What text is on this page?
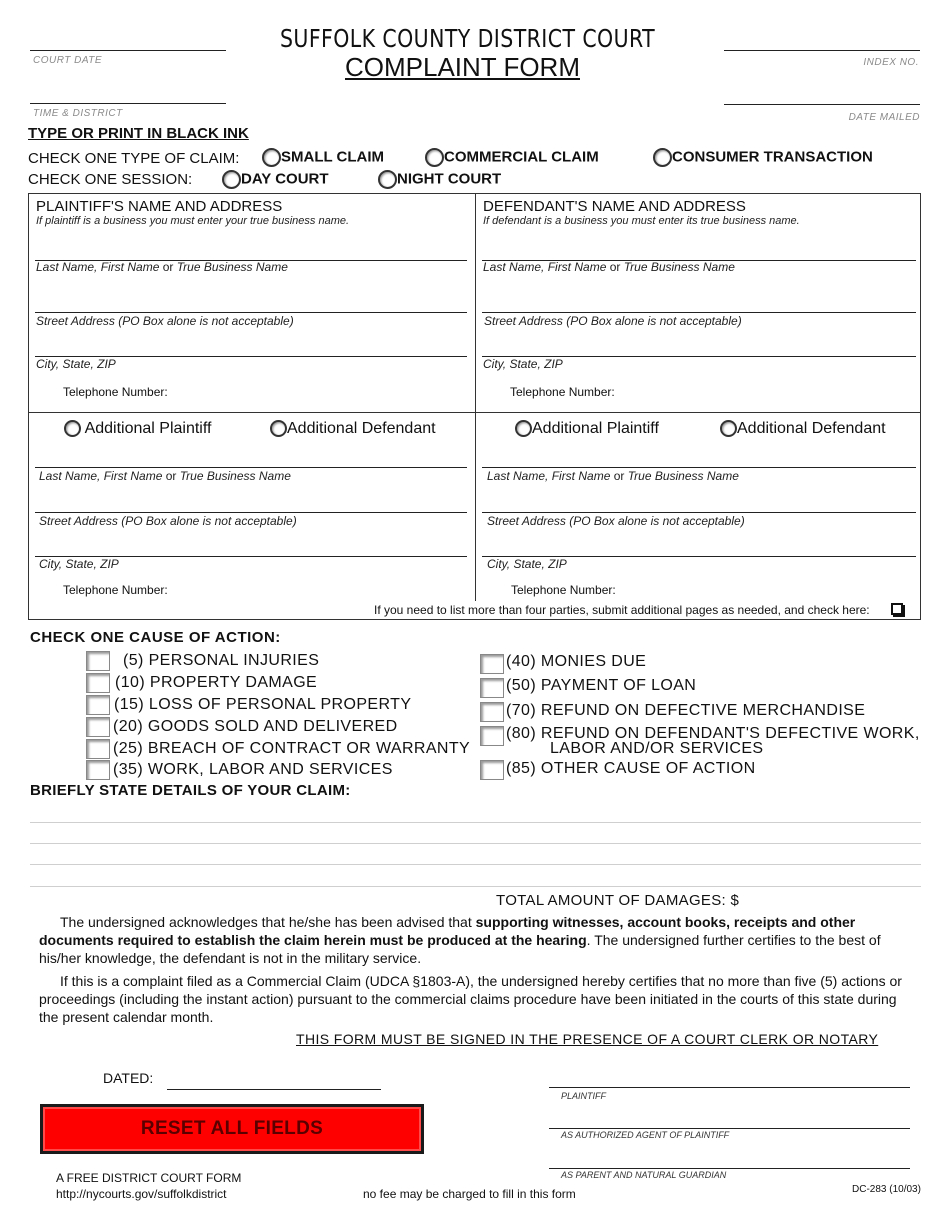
COURT DATE
TIME & DISTRICT
SUFFOLK COUNTY DISTRICT COURT
COMPLAINT FORM	INDEX NO.
DATE MAILED
TYPE OR PRINT IN BLACK INK
CHECK ONE TYPE OF CLAIM:	SMALL CLAIM	COMMERCIAL CLAIM	CONSUMER TRANSACTION
CHECK ONE SESSION:	DAY COURT	NIGHT COURT
PLAINTIFF'S NAME AND ADDRESS
If plaintiff is a business you must enter your true business name.
Last Name, First Name or True Business Name
Street Address (PO Box alone is not acceptable)
City, State, ZIP
Telephone Number:
DEFENDANT'S NAME AND ADDRESS
If defendant is a business you must enter its true business name.
Last Name, First Name or True Business Name
Street Address (PO Box alone is not acceptable)
City, State, ZIP
Telephone Number:
Additional Plaintiff	Additional Defendant
Last Name, First Name or True Business Name
Street Address (PO Box alone is not acceptable)
City, State, ZIP
Telephone Number:
Additional Plaintiff	Additional Defendant
Last Name, First Name or True Business Name
Street Address (PO Box alone is not acceptable)
City, State, ZIP
Telephone Number:
If you need to list more than four parties, submit additional pages as needed, and check here:
CHECK ONE CAUSE OF ACTION:
(5) PERSONAL INJURIES
(10) PROPERTY DAMAGE
(15) LOSS OF PERSONAL PROPERTY
(20) GOODS SOLD AND DELIVERED
(25) BREACH OF CONTRACT OR WARRANTY
(35) WORK, LABOR AND SERVICES
(40) MONIES DUE
(50) PAYMENT OF LOAN
(70) REFUND ON DEFECTIVE MERCHANDISE
(80) REFUND ON DEFENDANT'S DEFECTIVE WORK,
LABOR AND/OR SERVICES
(85) OTHER CAUSE OF ACTION
BRIEFLY STATE DETAILS OF YOUR CLAIM:
TOTAL AMOUNT OF DAMAGES: $
The undersigned acknowledges that he/she has been advised that supporting witnesses, account books, receipts and other documents required to establish the claim herein must be produced at the hearing. The undersigned further certifies to the best of his/her knowledge, the defendant is not in the military service.
If this is a complaint filed as a Commercial Claim (UDCA §1803-A), the undersigned hereby certifies that no more than five (5) actions or proceedings (including the instant action) pursuant to the commercial claims procedure have been initiated in the courts of this state during the present calendar month.
THIS FORM MUST BE SIGNED IN THE PRESENCE OF A COURT CLERK OR NOTARY
DATED:
PLAINTIFF
AS AUTHORIZED AGENT OF PLAINTIFF
AS PARENT AND NATURAL GUARDIAN
RESET ALL FIELDS
A FREE DISTRICT COURT FORM
http://nycourts.gov/suffolkdistrict	no fee may be charged to fill in this form	DC-283 (10/03)
